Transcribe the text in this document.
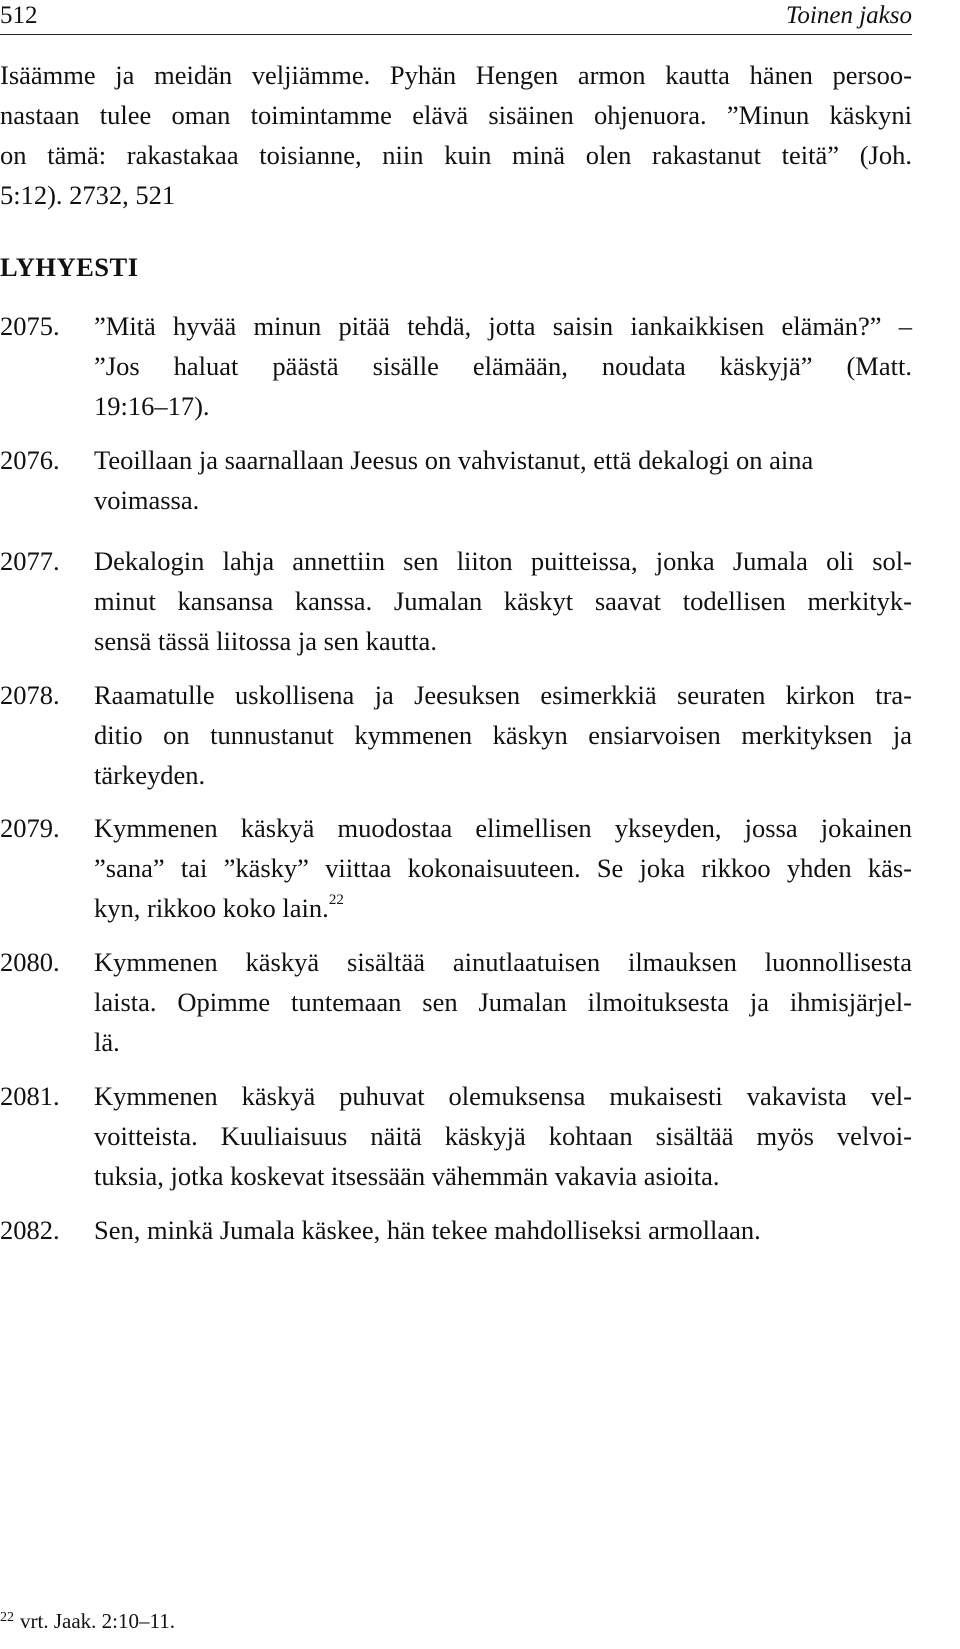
512	Toinen jakso
Isäämme ja meidän veljiämme. Pyhän Hengen armon kautta hänen persoo-
nastaan tulee oman toimintamme elävä sisäinen ohjenuora. ”Minun käskyni
on tämä: rakastakaa toisianne, niin kuin minä olen rakastanut teitä” (Joh.
5:12). 2732, 521
LYHYESTI
2075. ”Mitä hyvää minun pitää tehdä, jotta saisin iankaikkisen elämän?” –
”Jos haluat päästä sisälle elämään, noudata käskyjä” (Matt.
19:16–17).
2076. Teoillaan ja saarnallaan Jeesus on vahvistanut, että dekalogi on aina
voimassa.
2077. Dekalogin lahja annettiin sen liiton puitteissa, jonka Jumala oli sol-
minut kansansa kanssa. Jumalan käskyt saavat todellisen merkityk-
sensä tässä liitossa ja sen kautta.
2078. Raamatulle uskollisena ja Jeesuksen esimerkkiä seuraten kirkon tra-
ditio on tunnustanut kymmenen käskyn ensiarvoisen merkityksen ja
tärkeyden.
2079. Kymmenen käskyä muodostaa elimellisen ykseyden, jossa jokainen
”sana” tai ”käsky” viittaa kokonaisuuteen. Se joka rikkoo yhden käs-
kyn, rikkoo koko lain.$^{22}$
2080. Kymmenen käskyä sisältää ainutlaatuisen ilmauksen luonnollisesta
laista. Opimme tuntemaan sen Jumalan ilmoituksesta ja ihmisjärjel-
lä.
2081. Kymmenen käskyä puhuvat olemuksensa mukaisesti vakavista vel-
voitteista. Kuuliaisuus näitä käskyjä kohtaan sisältää myös velvoi-
tuksia, jotka koskevat itsessään vähemmän vakavia asioita.
2082. Sen, minkä Jumala käskee, hän tekee mahdolliseksi armollaan.
$^{22}$ vrt. Jaak. 2:10–11.
